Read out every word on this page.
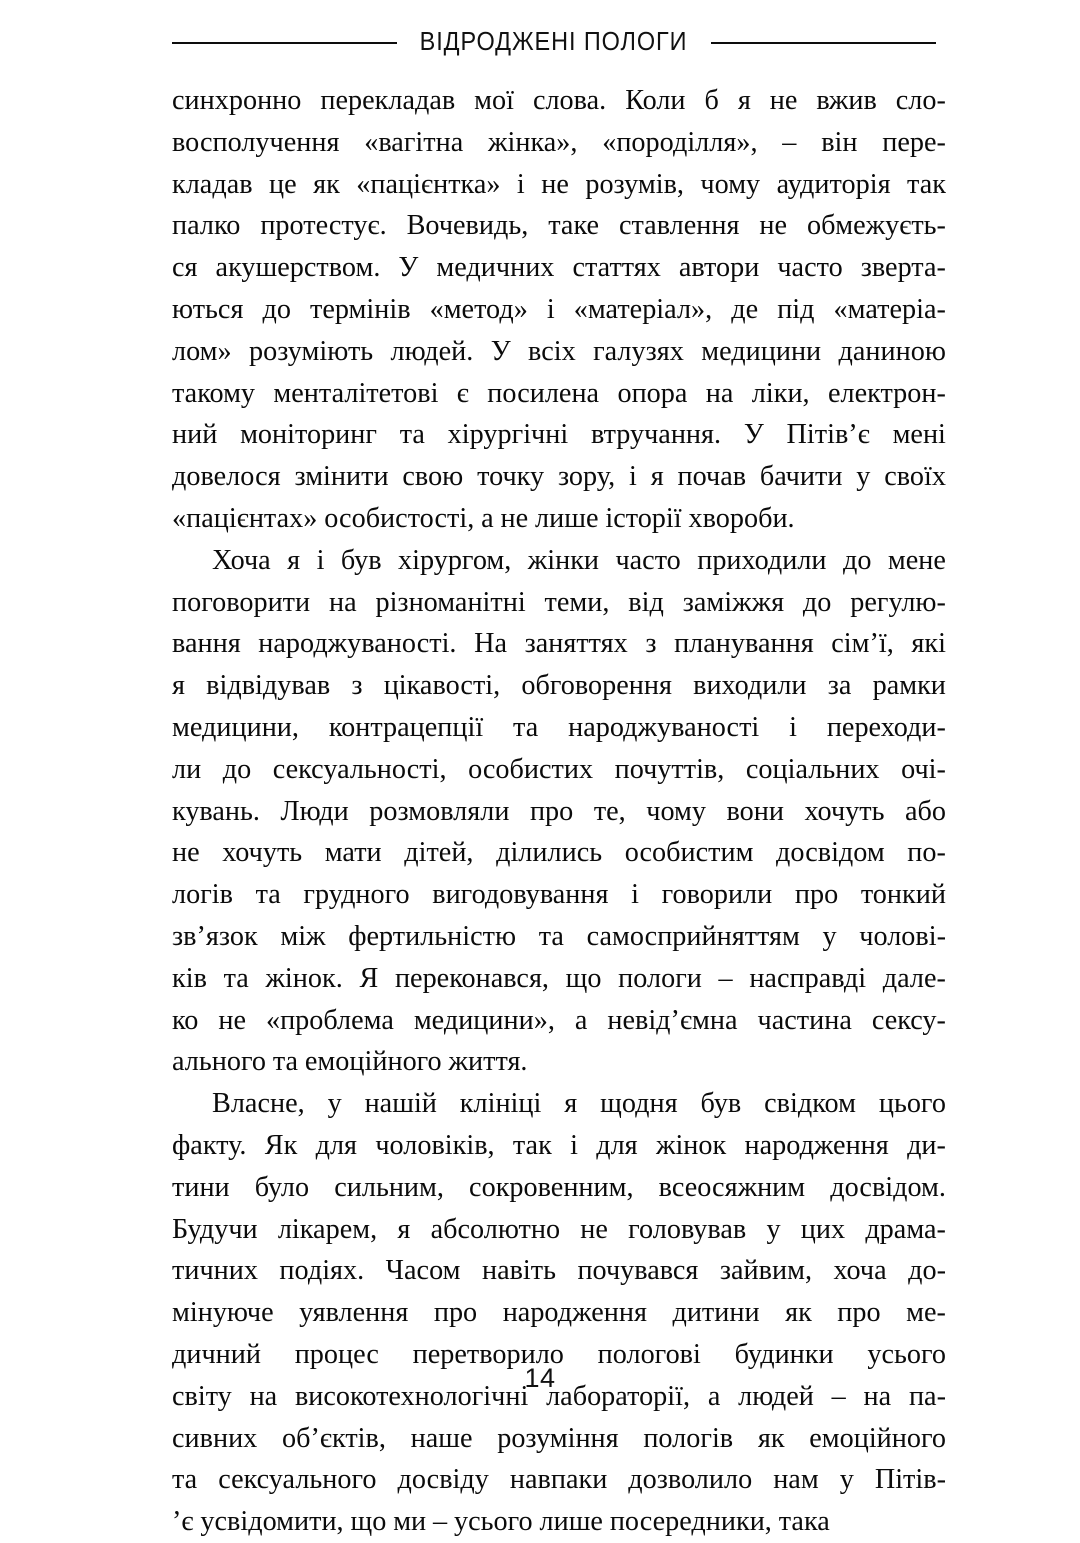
ВІДРОДЖЕНІ ПОЛОГИ
синхронно перекладав мої слова. Коли б я не вжив сло-
восполучення «вагітна жінка», «породілля», – він пере-
кладав це як «пацієнтка» і не розумів, чому аудиторія так
палко протестує. Вочевидь, таке ставлення не обмежуєть-
ся акушерством. У медичних статтях автори часто зверта-
ються до термінів «метод» і «матеріал», де під «матеріа-
лом» розуміють людей. У всіх галузях медицини даниною
такому менталітетові є посилена опора на ліки, електрон-
ний моніторинг та хірургічні втручання. У Пітів’є мені
довелося змінити свою точку зору, і я почав бачити у своїх
«пацієнтах» особистості, а не лише історії хвороби.
Хоча я і був хірургом, жінки часто приходили до мене
поговорити на різноманітні теми, від заміжжя до регулю-
вання народжуваності. На заняттях з планування сім’ї, які
я відвідував з цікавості, обговорення виходили за рамки
медицини, контрацепції та народжуваності і переходи-
ли до сексуальності, особистих почуттів, соціальних очі-
кувань. Люди розмовляли про те, чому вони хочуть або
не хочуть мати дітей, ділились особистим досвідом по-
логів та грудного вигодовування і говорили про тонкий
зв’язок між фертильністю та самосприйняттям у чолові-
ків та жінок. Я переконався, що пологи – насправді дале-
ко не «проблема медицини», а невід’ємна частина сексу-
ального та емоційного життя.
Власне, у нашій клініці я щодня був свідком цього
факту. Як для чоловіків, так і для жінок народження ди-
тини було сильним, сокровенним, всеосяжним досвідом.
Будучи лікарем, я абсолютно не головував у цих драма-
тичних подіях. Часом навіть почувався зайвим, хоча до-
мінуюче уявлення про народження дитини як про ме-
дичний процес перетворило пологові будинки усього
світу на високотехнологічні лабораторії, а людей – на па-
сивних об’єктів, наше розуміння пологів як емоційного
та сексуального досвіду навпаки дозволило нам у Пітів-
’є усвідомити, що ми – усього лише посередники, така
14
